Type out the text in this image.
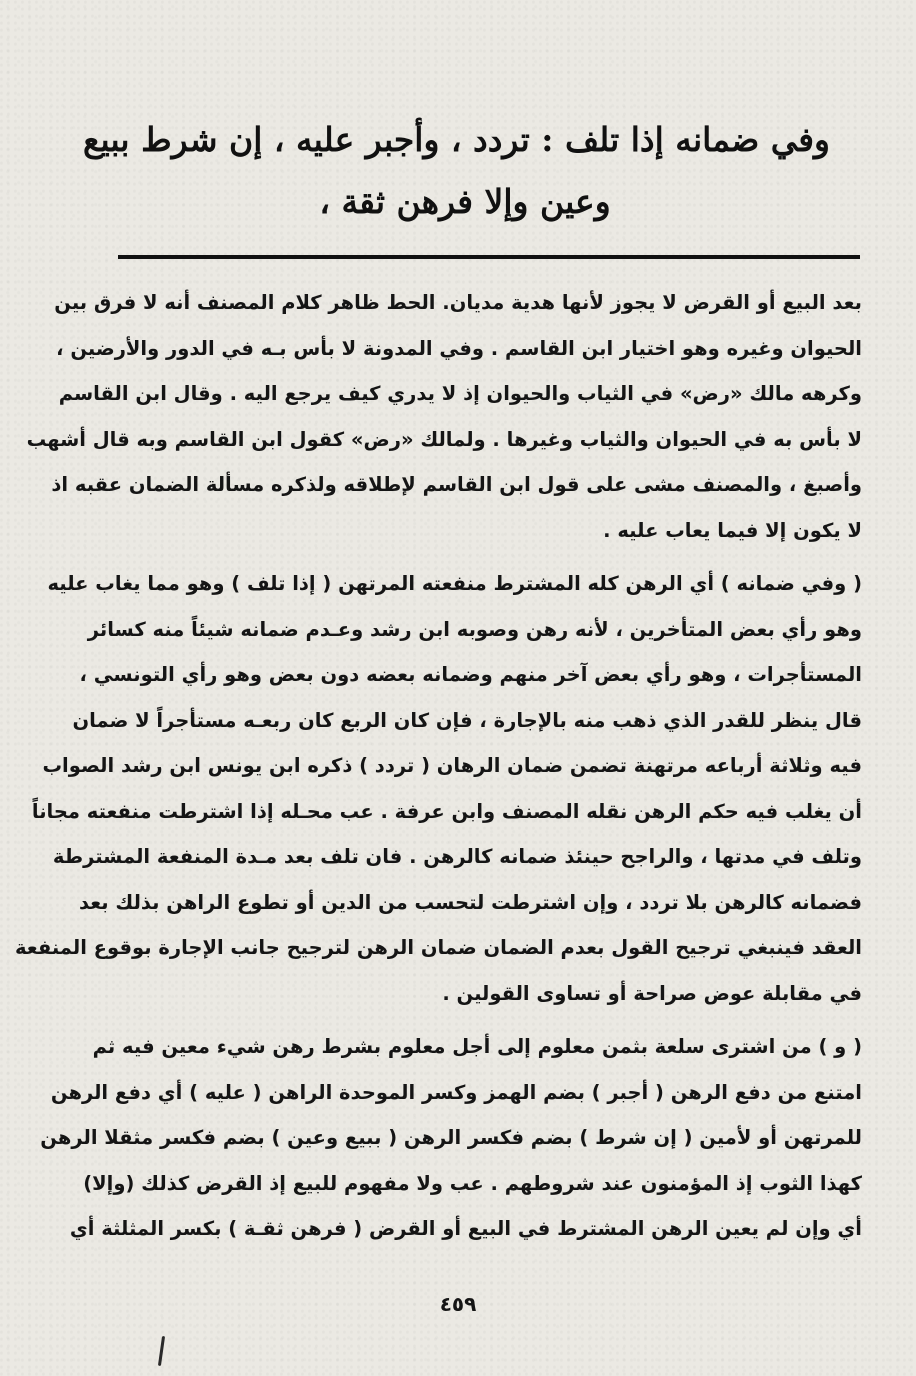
وفي ضمانه إذا تلف : تردد ، وأجبر عليه ، إن شرط ببيع
وعين وإلا فرهن ثقة ،
بعد البيع أو القرض لا يجوز لأنها هدية مديان. الحط ظاهر كلام المصنف أنه لا فرق بين
الحيوان وغيره وهو اختيار ابن القاسم . وفي المدونة لا بأس بـه في الدور والأرضين ،
وكرهه مالك «رض» في الثياب والحيوان إذ لا يدري كيف يرجع اليه . وقال ابن القاسم
لا بأس به في الحيوان والثياب وغيرها . ولمالك «رض» كقول ابن القاسم وبه قال أشهب
وأصبغ ، والمصنف مشى على قول ابن القاسم لإطلاقه ولذكره مسألة الضمان عقبه اذ
لا يكون إلا فيما يعاب عليه .
( وفي ضمانه ) أي الرهن كله المشترط منفعته المرتهن ( إذا تلف ) وهو مما يغاب عليه
وهو رأي بعض المتأخرين ، لأنه رهن وصوبه ابن رشد وعـدم ضمانه شيئاً منه كسائر
المستأجرات ، وهو رأي بعض آخر منهم وضمانه بعضه دون بعض وهو رأي التونسي ،
قال ينظر للقدر الذي ذهب منه بالإجارة ، فإن كان الربع كان ربعـه مستأجراً لا ضمان
فيه وثلاثة أرباعه مرتهنة تضمن ضمان الرهان ( تردد ) ذكره ابن يونس ابن رشد الصواب
أن يغلب فيه حكم الرهن نقله المصنف وابن عرفة . عب محـله إذا اشترطت منفعته مجاناً
وتلف في مدتها ، والراجح حينئذ ضمانه كالرهن . فان تلف بعد مـدة المنفعة المشترطة
فضمانه كالرهن بلا تردد ، وإن اشترطت لتحسب من الدين أو تطوع الراهن بذلك بعد
العقد فينبغي ترجيح القول بعدم الضمان ضمان الرهن لترجيح جانب الإجارة بوقوع المنفعة
في مقابلة عوض صراحة أو تساوى القولين .
( و ) من اشترى سلعة بثمن معلوم إلى أجل معلوم بشرط رهن شيء معين فيه ثم
امتنع من دفع الرهن ( أجبر ) بضم الهمز وكسر الموحدة الراهن ( عليه ) أي دفع الرهن
للمرتهن أو لأمين ( إن شرط ) بضم فكسر الرهن ( ببيع وعين ) بضم فكسر مثقلا الرهن
كهذا الثوب إذ المؤمنون عند شروطهم . عب ولا مفهوم للبيع إذ القرض كذلك (وإلا)
أي وإن لم يعين الرهن المشترط في البيع أو القرض ( فرهن ثقـة ) بكسر المثلثة أي
٤٥٩
